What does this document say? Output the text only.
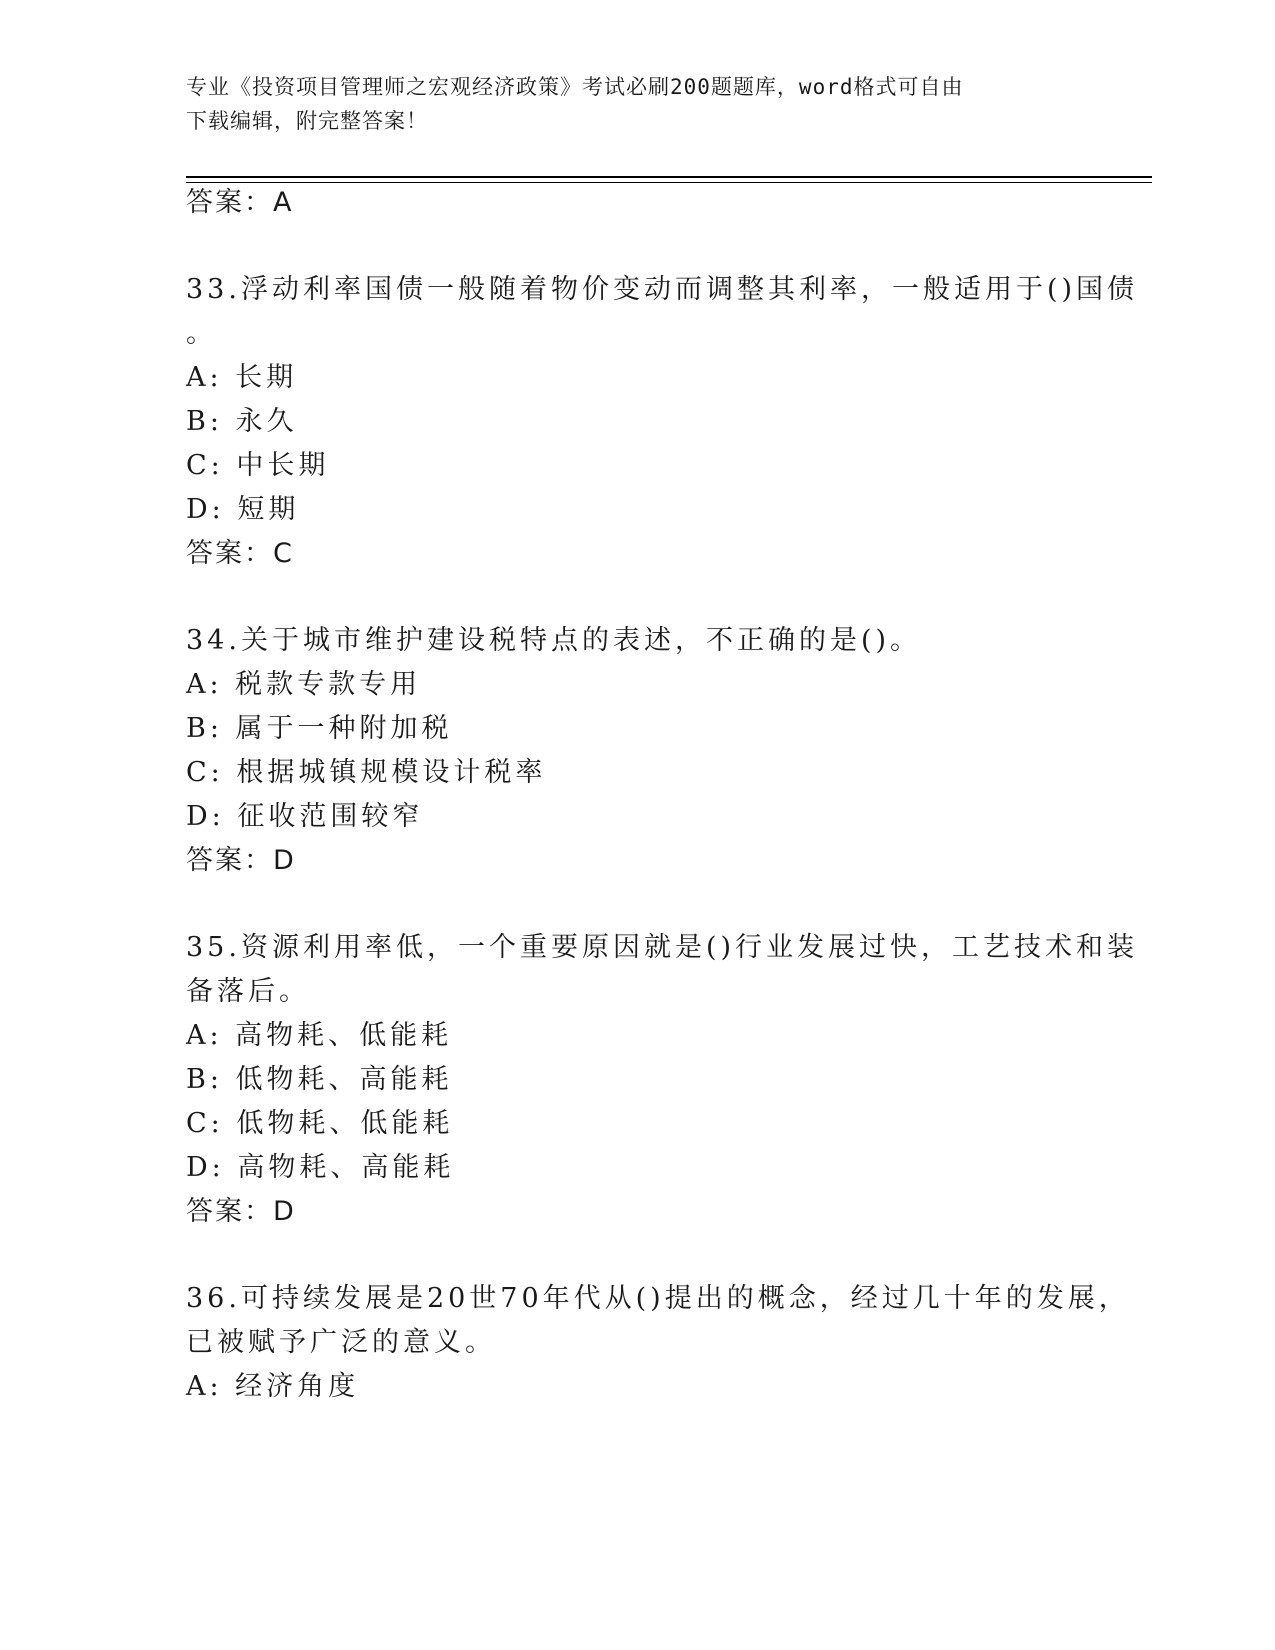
专业《投资项目管理师之宏观经济政策》考试必刷200题题库，word格式可自由
下载编辑，附完整答案！
答案：A
33.浮动利率国债一般随着物价变动而调整其利率，一般适用于()国债
。
A: 长期
B: 永久
C: 中长期
D: 短期
答案：C
34.关于城市维护建设税特点的表述，不正确的是()。
A: 税款专款专用
B: 属于一种附加税
C: 根据城镇规模设计税率
D: 征收范围较窄
答案：D
35.资源利用率低，一个重要原因就是()行业发展过快，工艺技术和装
备落后。
A: 高物耗、低能耗
B: 低物耗、高能耗
C: 低物耗、低能耗
D: 高物耗、高能耗
答案：D
36.可持续发展是20世70年代从()提出的概念，经过几十年的发展，
已被赋予广泛的意义。
A: 经济角度
